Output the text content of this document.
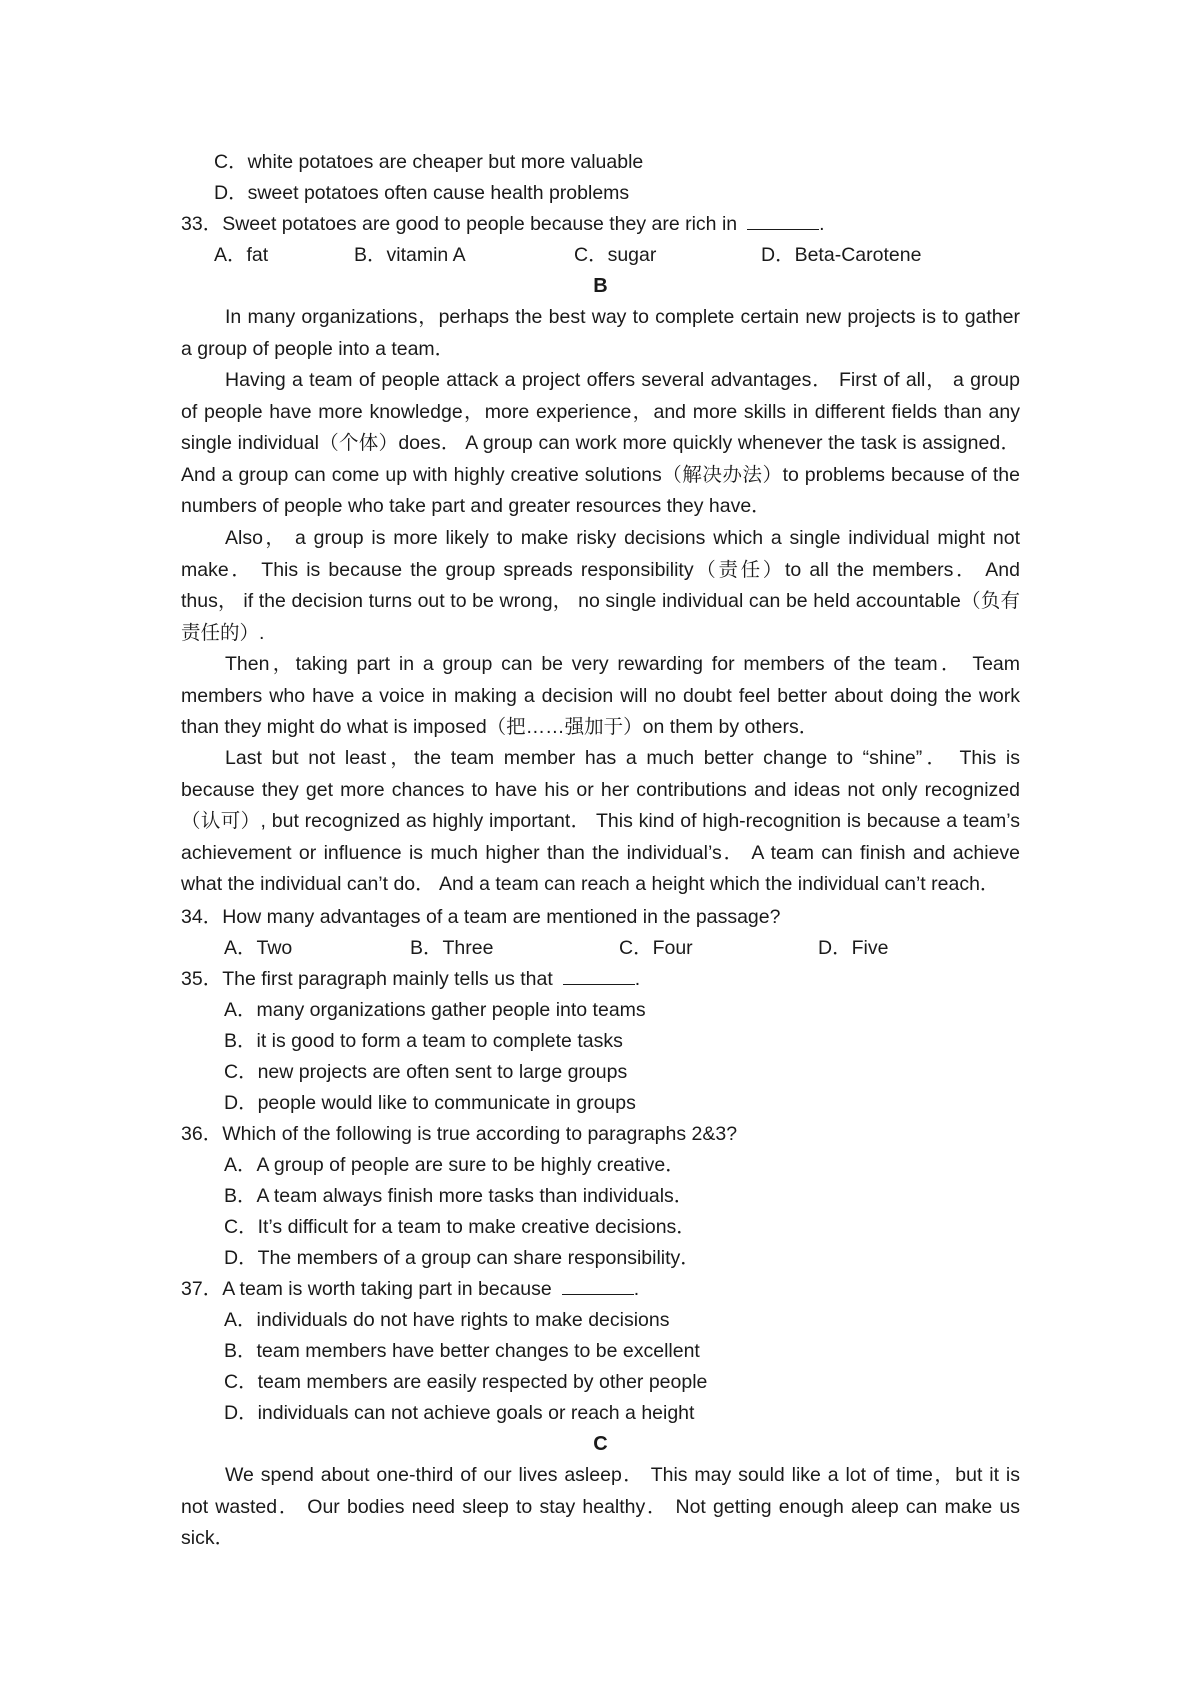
C．white potatoes are cheaper but more valuable
D．sweet potatoes often cause health problems
33．Sweet potatoes are good to people because they are rich in	.
A．fat	B．vitamin A	C．sugar	D．Beta-Carotene
B
In many organizations，perhaps the best way to complete certain new projects is to gather a group of people into a team．
Having a team of people attack a project offers several advantages． First of all， a group of people have more knowledge，more experience，and more skills in different fields than any single individual（个体）does． A group can work more quickly whenever the task is assigned． And a group can come up with highly creative solutions（解决办法）to problems because of the numbers of people who take part and greater resources they have．
Also， a group is more likely to make risky decisions which a single individual might not make． This is because the group spreads responsibility（责任）to all the members． And thus， if the decision turns out to be wrong， no single individual can be held accountable（负有责任的）.
Then，taking part in a group can be very rewarding for members of the team． Team members who have a voice in making a decision will no doubt feel better about doing the work than they might do what is imposed（把……强加于）on them by others．
Last but not least，the team member has a much better change to “shine”． This is because they get more chances to have his or her contributions and ideas not only recognized（认可）, but recognized as highly important． This kind of high-recognition is because a team’s achievement or influence is much higher than the individual’s． A team can finish and achieve what the individual can’t do． And a team can reach a height which the individual can’t reach．
34．How many advantages of a team are mentioned in the passage?
A．Two	B．Three	C．Four	D．Five
35．The first paragraph mainly tells us that	.
A．many organizations gather people into teams
B．it is good to form a team to complete tasks
C．new projects are often sent to large groups
D．people would like to communicate in groups
36．Which of the following is true according to paragraphs 2&3?
A．A group of people are sure to be highly creative．
B．A team always finish more tasks than individuals．
C．It’s difficult for a team to make creative decisions．
D．The members of a group can share responsibility．
37．A team is worth taking part in because	.
A．individuals do not have rights to make decisions
B．team members have better changes to be excellent
C．team members are easily respected by other people
D．individuals can not achieve goals or reach a height
C
We spend about one-third of our lives asleep． This may sould like a lot of time，but it is not wasted． Our bodies need sleep to stay healthy． Not getting enough aleep can make us sick．
